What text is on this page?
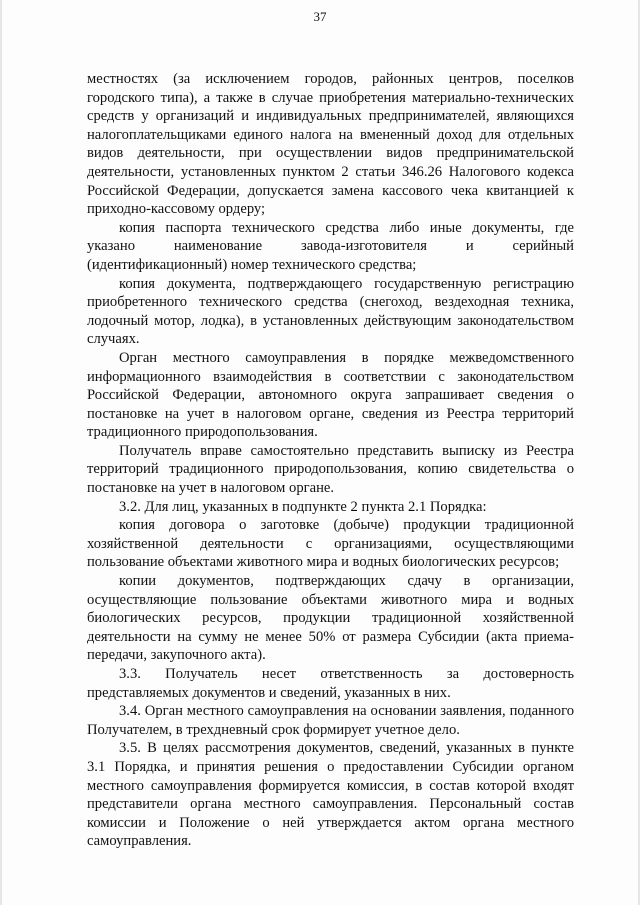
37

местностях (за исключением городов, районных центров, поселков городского типа), а также в случае приобретения материально-технических средств у организаций и индивидуальных предпринимателей, являющихся налогоплательщиками единого налога на вмененный доход для отдельных видов деятельности, при осуществлении видов предпринимательской деятельности, установленных пунктом 2 статьи 346.26 Налогового кодекса Российской Федерации, допускается замена кассового чека квитанцией к приходно-кассовому ордеру;

копия паспорта технического средства либо иные документы, где указано наименование завода-изготовителя и серийный (идентификационный) номер технического средства;

копия документа, подтверждающего государственную регистрацию приобретенного технического средства (снегоход, вездеходная техника, лодочный мотор, лодка), в установленных действующим законодательством случаях.

Орган местного самоуправления в порядке межведомственного информационного взаимодействия в соответствии с законодательством Российской Федерации, автономного округа запрашивает сведения о постановке на учет в налоговом органе, сведения из Реестра территорий традиционного природопользования.

Получатель вправе самостоятельно представить выписку из Реестра территорий традиционного природопользования, копию свидетельства о постановке на учет в налоговом органе.

3.2. Для лиц, указанных в подпункте 2 пункта 2.1 Порядка:

копия договора о заготовке (добыче) продукции традиционной хозяйственной деятельности с организациями, осуществляющими пользование объектами животного мира и водных биологических ресурсов;

копии документов, подтверждающих сдачу в организации, осуществляющие пользование объектами животного мира и водных биологических ресурсов, продукции традиционной хозяйственной деятельности на сумму не менее 50% от размера Субсидии (акта приема-передачи, закупочного акта).

3.3. Получатель несет ответственность за достоверность представляемых документов и сведений, указанных в них.

3.4. Орган местного самоуправления на основании заявления, поданного Получателем, в трехдневный срок формирует учетное дело.

3.5. В целях рассмотрения документов, сведений, указанных в пункте 3.1 Порядка, и принятия решения о предоставлении Субсидии органом местного самоуправления формируется комиссия, в состав которой входят представители органа местного самоуправления. Персональный состав комиссии и Положение о ней утверждается актом органа местного самоуправления.
